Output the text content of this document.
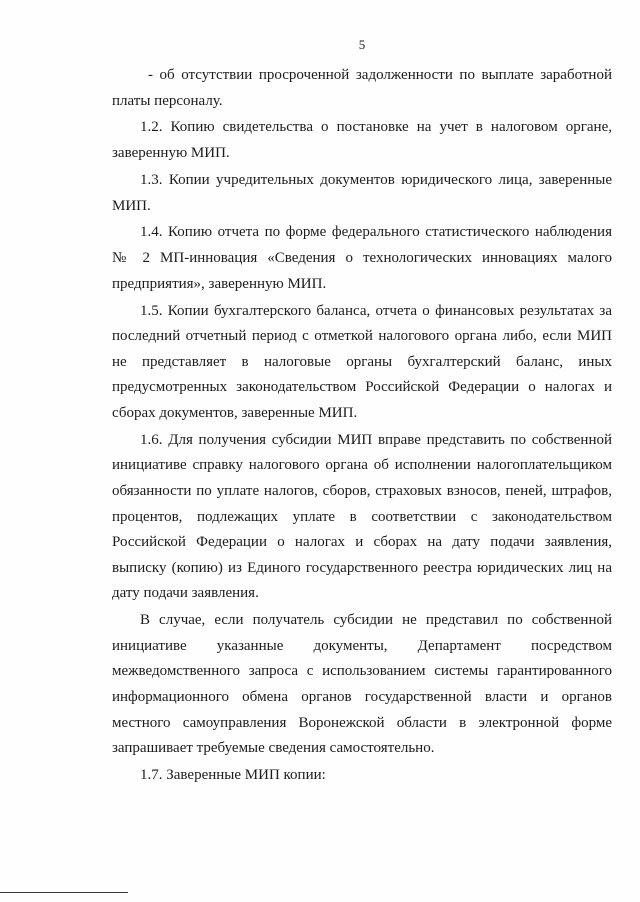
5
- об отсутствии просроченной задолженности по выплате заработной
платы персоналу.
1.2. Копию свидетельства о постановке на учет в налоговом органе,
заверенную МИП.
1.3. Копии учредительных документов юридического лица, заверенные
МИП.
1.4. Копию отчета по форме федерального статистического наблюдения
№ 2 МП-инновация «Сведения о технологических инновациях малого
предприятия», заверенную МИП.
1.5. Копии бухгалтерского баланса, отчета о финансовых результатах за
последний отчетный период с отметкой налогового органа либо, если МИП
не представляет в налоговые органы бухгалтерский баланс, иных
предусмотренных законодательством Российской Федерации о налогах и
сборах документов, заверенные МИП.
1.6. Для получения субсидии МИП вправе представить по собственной
инициативе справку налогового органа об исполнении налогоплательщиком
обязанности по уплате налогов, сборов, страховых взносов, пеней, штрафов,
процентов, подлежащих уплате в соответствии с законодательством
Российской Федерации о налогах и сборах на дату подачи заявления,
выписку (копию) из Единого государственного реестра юридических лиц на
дату подачи заявления.
В случае, если получатель субсидии не представил по собственной
инициативе указанные документы, Департамент посредством
межведомственного запроса с использованием системы гарантированного
информационного обмена органов государственной власти и органов
местного самоуправления Воронежской области в электронной форме
запрашивает требуемые сведения самостоятельно.
1.7. Заверенные МИП копии:
